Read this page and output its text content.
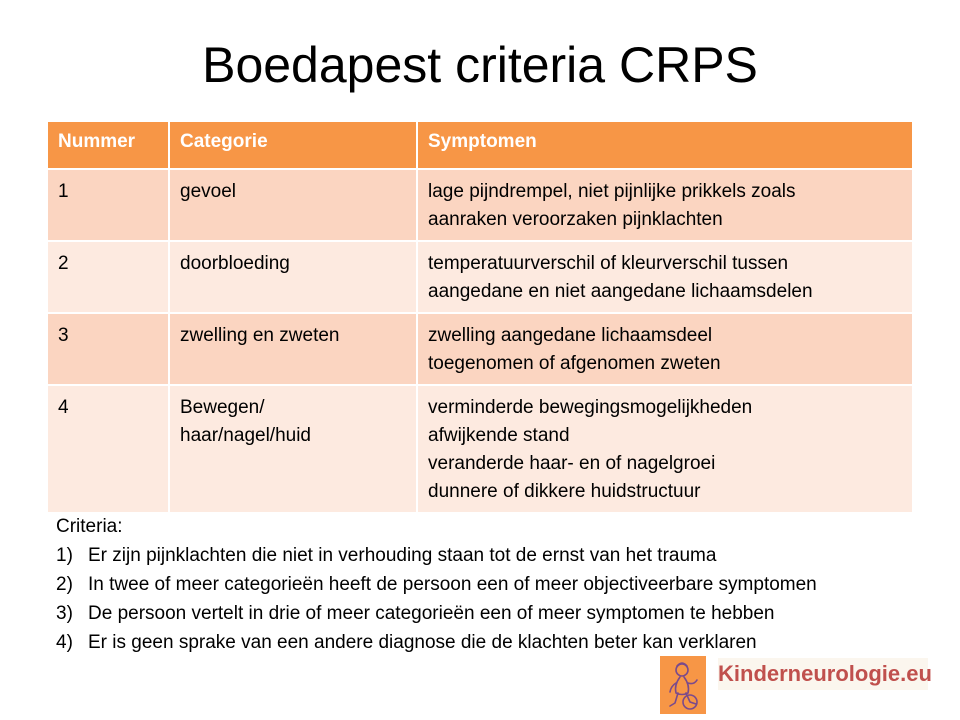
Boedapest criteria CRPS
Nummer	Categorie	Symptomen
1	gevoel	lage pijndrempel, niet pijnlijke prikkels zoals
aanraken veroorzaken pijnklachten

2	doorbloeding	temperatuurverschil of kleurverschil tussen
aangedane en niet aangedane lichaamsdelen

3	zwelling en zweten	zwelling aangedane lichaamsdeel
toegenomen of afgenomen zweten

4	Bewegen/
haar/nagel/huid	verminderde bewegingsmogelijkheden
afwijkende stand
veranderde haar- en of nagelgroei
dunnere of dikkere huidstructuur
Criteria:
1) Er zijn pijnklachten die niet in verhouding staan tot de ernst van het trauma
2) In twee of meer categorieën heeft de persoon een of meer objectiveerbare symptomen
3) De persoon vertelt in drie of meer categorieën een of meer symptomen te hebben
4) Er is geen sprake van een andere diagnose die de klachten beter kan verklaren
Kinderneurologie.eu
